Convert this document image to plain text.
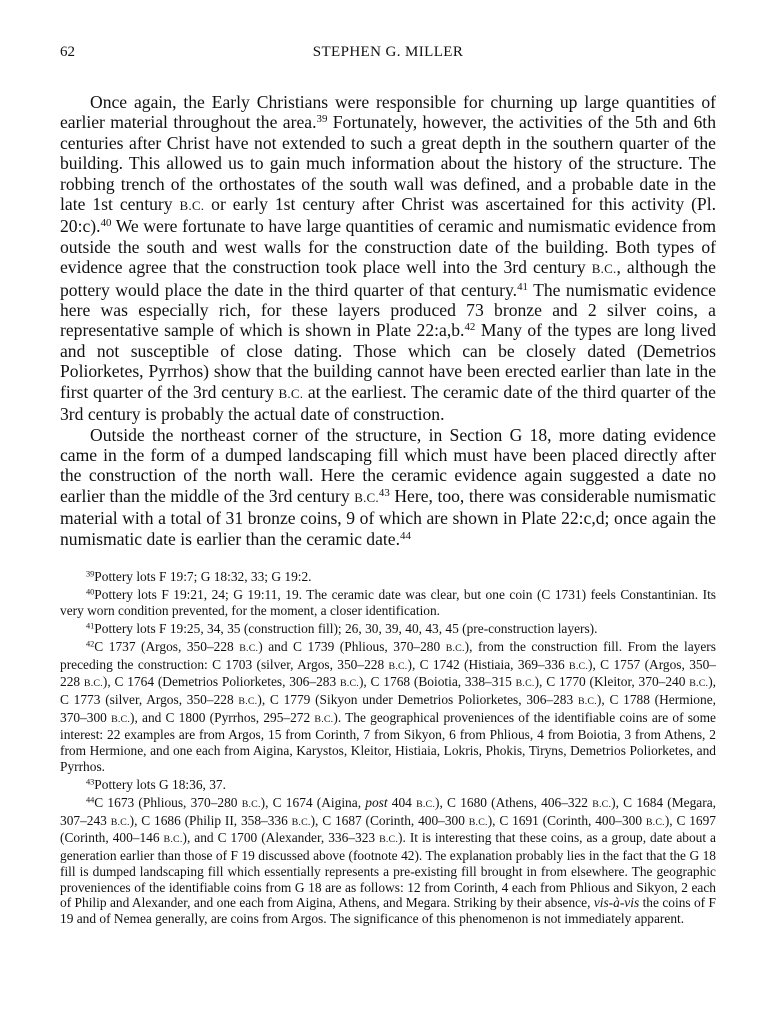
62	STEPHEN G. MILLER

Once again, the Early Christians were responsible for churning up large quantities of earlier material throughout the area.$^{39}$ Fortunately, however, the activities of the 5th and 6th centuries after Christ have not extended to such a great depth in the southern quarter of the building. This allowed us to gain much information about the history of the structure. The robbing trench of the orthostates of the south wall was defined, and a probable date in the late 1st century B.C. or early 1st century after Christ was ascertained for this activity (Pl. 20:c).$^{40}$ We were fortunate to have large quantities of ceramic and numismatic evidence from outside the south and west walls for the construction date of the building. Both types of evidence agree that the construction took place well into the 3rd century B.C., although the pottery would place the date in the third quarter of that century.$^{41}$ The numismatic evidence here was especially rich, for these layers produced 73 bronze and 2 silver coins, a representative sample of which is shown in Plate 22:a,b.$^{42}$ Many of the types are long lived and not susceptible of close dating. Those which can be closely dated (Demetrios Poliorketes, Pyrrhos) show that the building cannot have been erected earlier than late in the first quarter of the 3rd century B.C. at the earliest. The ceramic date of the third quarter of the 3rd century is probably the actual date of construction.

Outside the northeast corner of the structure, in Section G 18, more dating evidence came in the form of a dumped landscaping fill which must have been placed directly after the construction of the north wall. Here the ceramic evidence again suggested a date no earlier than the middle of the 3rd century B.C.$^{43}$ Here, too, there was considerable numismatic material with a total of 31 bronze coins, 9 of which are shown in Plate 22:c,d; once again the numismatic date is earlier than the ceramic date.$^{44}$

$^{39}$Pottery lots F 19:7; G 18:32, 33; G 19:2.

$^{40}$Pottery lots F 19:21, 24; G 19:11, 19. The ceramic date was clear, but one coin (C 1731) feels Constantinian. Its very worn condition prevented, for the moment, a closer identification.

$^{41}$Pottery lots F 19:25, 34, 35 (construction fill); 26, 30, 39, 40, 43, 45 (pre-construction layers).

$^{42}$C 1737 (Argos, 350–228 B.C.) and C 1739 (Phlious, 370–280 B.C.), from the construction fill. From the layers preceding the construction: C 1703 (silver, Argos, 350–228 B.C.), C 1742 (Histiaia, 369–336 B.C.), C 1757 (Argos, 350–228 B.C.), C 1764 (Demetrios Poliorketes, 306–283 B.C.), C 1768 (Boiotia, 338–315 B.C.), C 1770 (Kleitor, 370–240 B.C.), C 1773 (silver, Argos, 350–228 B.C.), C 1779 (Sikyon under Demetrios Poliorketes, 306–283 B.C.), C 1788 (Hermione, 370–300 B.C.), and C 1800 (Pyrrhos, 295–272 B.C.). The geographical proveniences of the identifiable coins are of some interest: 22 examples are from Argos, 15 from Corinth, 7 from Sikyon, 6 from Phlious, 4 from Boiotia, 3 from Athens, 2 from Hermione, and one each from Aigina, Karystos, Kleitor, Histiaia, Lokris, Phokis, Tiryns, Demetrios Poliorketes, and Pyrrhos.

$^{43}$Pottery lots G 18:36, 37.

$^{44}$C 1673 (Phlious, 370–280 B.C.), C 1674 (Aigina, post 404 B.C.), C 1680 (Athens, 406–322 B.C.), C 1684 (Megara, 307–243 B.C.), C 1686 (Philip II, 358–336 B.C.), C 1687 (Corinth, 400–300 B.C.), C 1691 (Corinth, 400–300 B.C.), C 1697 (Corinth, 400–146 B.C.), and C 1700 (Alexander, 336–323 B.C.). It is interesting that these coins, as a group, date about a generation earlier than those of F 19 discussed above (footnote 42). The explanation probably lies in the fact that the G 18 fill is dumped landscaping fill which essentially represents a pre-existing fill brought in from elsewhere. The geographic proveniences of the identifiable coins from G 18 are as follows: 12 from Corinth, 4 each from Phlious and Sikyon, 2 each of Philip and Alexander, and one each from Aigina, Athens, and Megara. Striking by their absence, vis-à-vis the coins of F 19 and of Nemea generally, are coins from Argos. The significance of this phenomenon is not immediately apparent.
